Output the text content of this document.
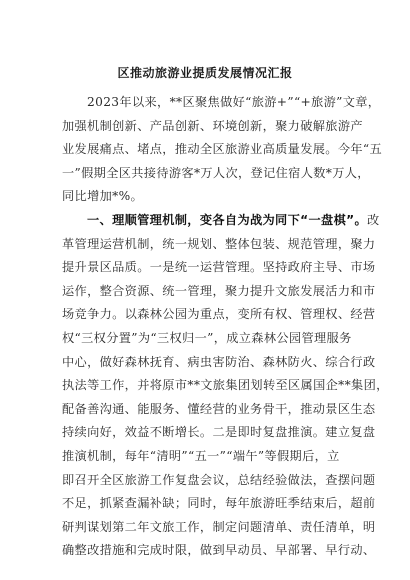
区推动旅游业提质发展情况汇报
2023年以来，**区聚焦做好“旅游+”“+旅游”文章，
加强机制创新、产品创新、环境创新，聚力破解旅游产
业发展痛点、堵点，推动全区旅游业高质量发展。今年“五
一”假期全区共接待游客*万人次，登记住宿人数*万人，
同比增加*%。
一、理顺管理机制，变各自为战为同下“一盘棋”。改
革管理运营机制，统一规划、整体包装、规范管理，聚力
提升景区品质。一是统一运营管理。坚持政府主导、市场
运作，整合资源、统一管理，聚力提升文旅发展活力和市
场竞争力。以森林公园为重点，变所有权、管理权、经营
权“三权分置”为“三权归一”，成立森林公园管理服务
中心，做好森林抚育、病虫害防治、森林防火、综合行政
执法等工作，并将原市**文旅集团划转至区属国企**集团，
配备善沟通、能服务、懂经营的业务骨干，推动景区生态
持续向好，效益不断增长。二是即时复盘推演。建立复盘
推演机制，每年“清明”“五一”“端午”等假期后，立
即召开全区旅游工作复盘会议，总结经验做法，查摆问题
不足，抓紧查漏补缺；同时，每年旅游旺季结束后，超前
研判谋划第二年文旅工作，制定问题清单、责任清单，明
确整改措施和完成时限，做到早动员、早部署、早行动、
